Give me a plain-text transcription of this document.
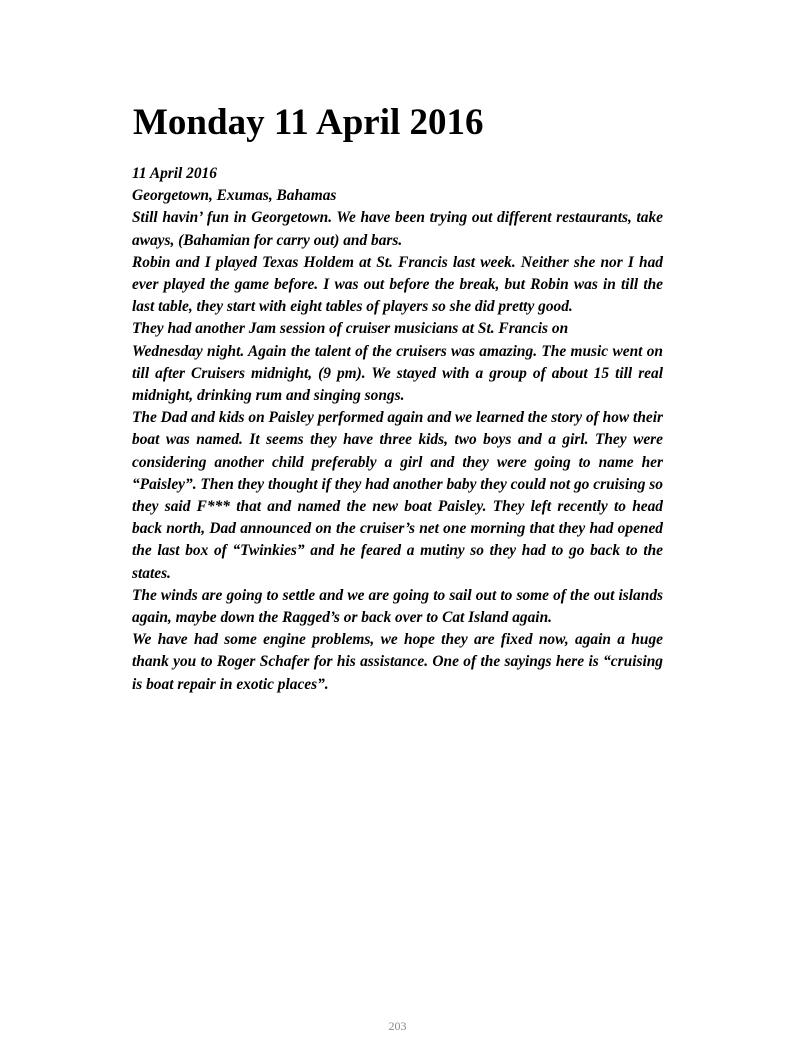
Monday 11 April 2016

11 April 2016

Georgetown, Exumas, Bahamas

Still havin’ fun in Georgetown. We have been trying out different restaurants, take aways, (Bahamian for carry out) and bars.

Robin and I played Texas Holdem at St. Francis last week. Neither she nor I had ever played the game before. I was out before the break, but Robin was in till the last table, they start with eight tables of players so she did pretty good.

They had another Jam session of cruiser musicians at St. Francis on

Wednesday night. Again the talent of the cruisers was amazing. The music went on till after Cruisers midnight, (9 pm). We stayed with a group of about 15 till real midnight, drinking rum and singing songs.

The Dad and kids on Paisley performed again and we learned the story of how their boat was named. It seems they have three kids, two boys and a girl. They were considering another child preferably a girl and they were going to name her “Paisley”. Then they thought if they had another baby they could not go cruising so they said F*** that and named the new boat Paisley. They left recently to head back north, Dad announced on the cruiser’s net one morning that they had opened the last box of “Twinkies” and he feared a mutiny so they had to go back to the states.

The winds are going to settle and we are going to sail out to some of the out islands again, maybe down the Ragged’s or back over to Cat Island again.

We have had some engine problems, we hope they are fixed now, again a huge thank you to Roger Schafer for his assistance. One of the sayings here is “cruising is boat repair in exotic places”.

203
